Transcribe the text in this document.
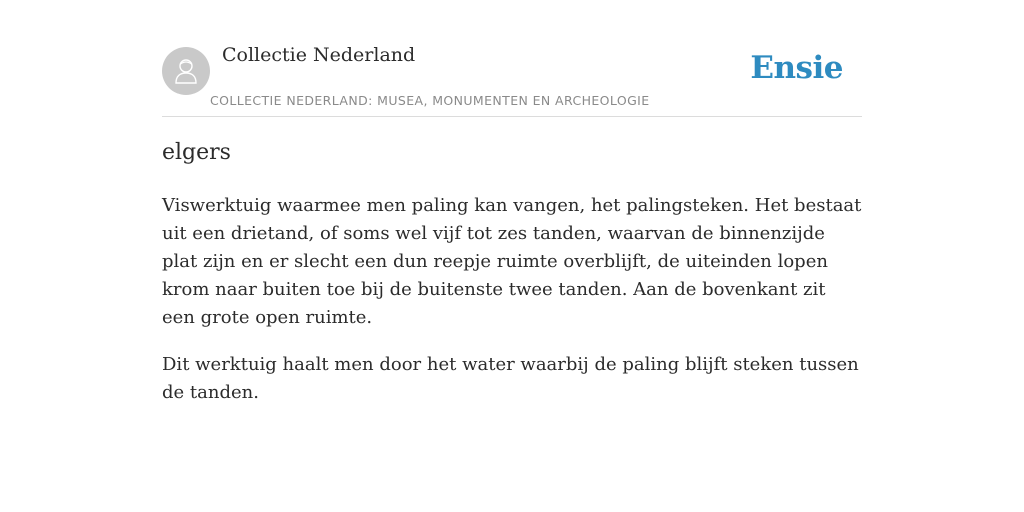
Collectie Nederland
COLLECTIE NEDERLAND: MUSEA, MONUMENTEN EN ARCHEOLOGIE
Ensie
elgers

Viswerktuig waarmee men paling kan vangen, het palingsteken. Het bestaat uit een drietand, of soms wel vijf tot zes tanden, waarvan de binnenzijde plat zijn en er slecht een dun reepje ruimte overblijft, de uiteinden lopen krom naar buiten toe bij de buitenste twee tanden. Aan de bovenkant zit een grote open ruimte.

Dit werktuig haalt men door het water waarbij de paling blijft steken tussen de tanden.
